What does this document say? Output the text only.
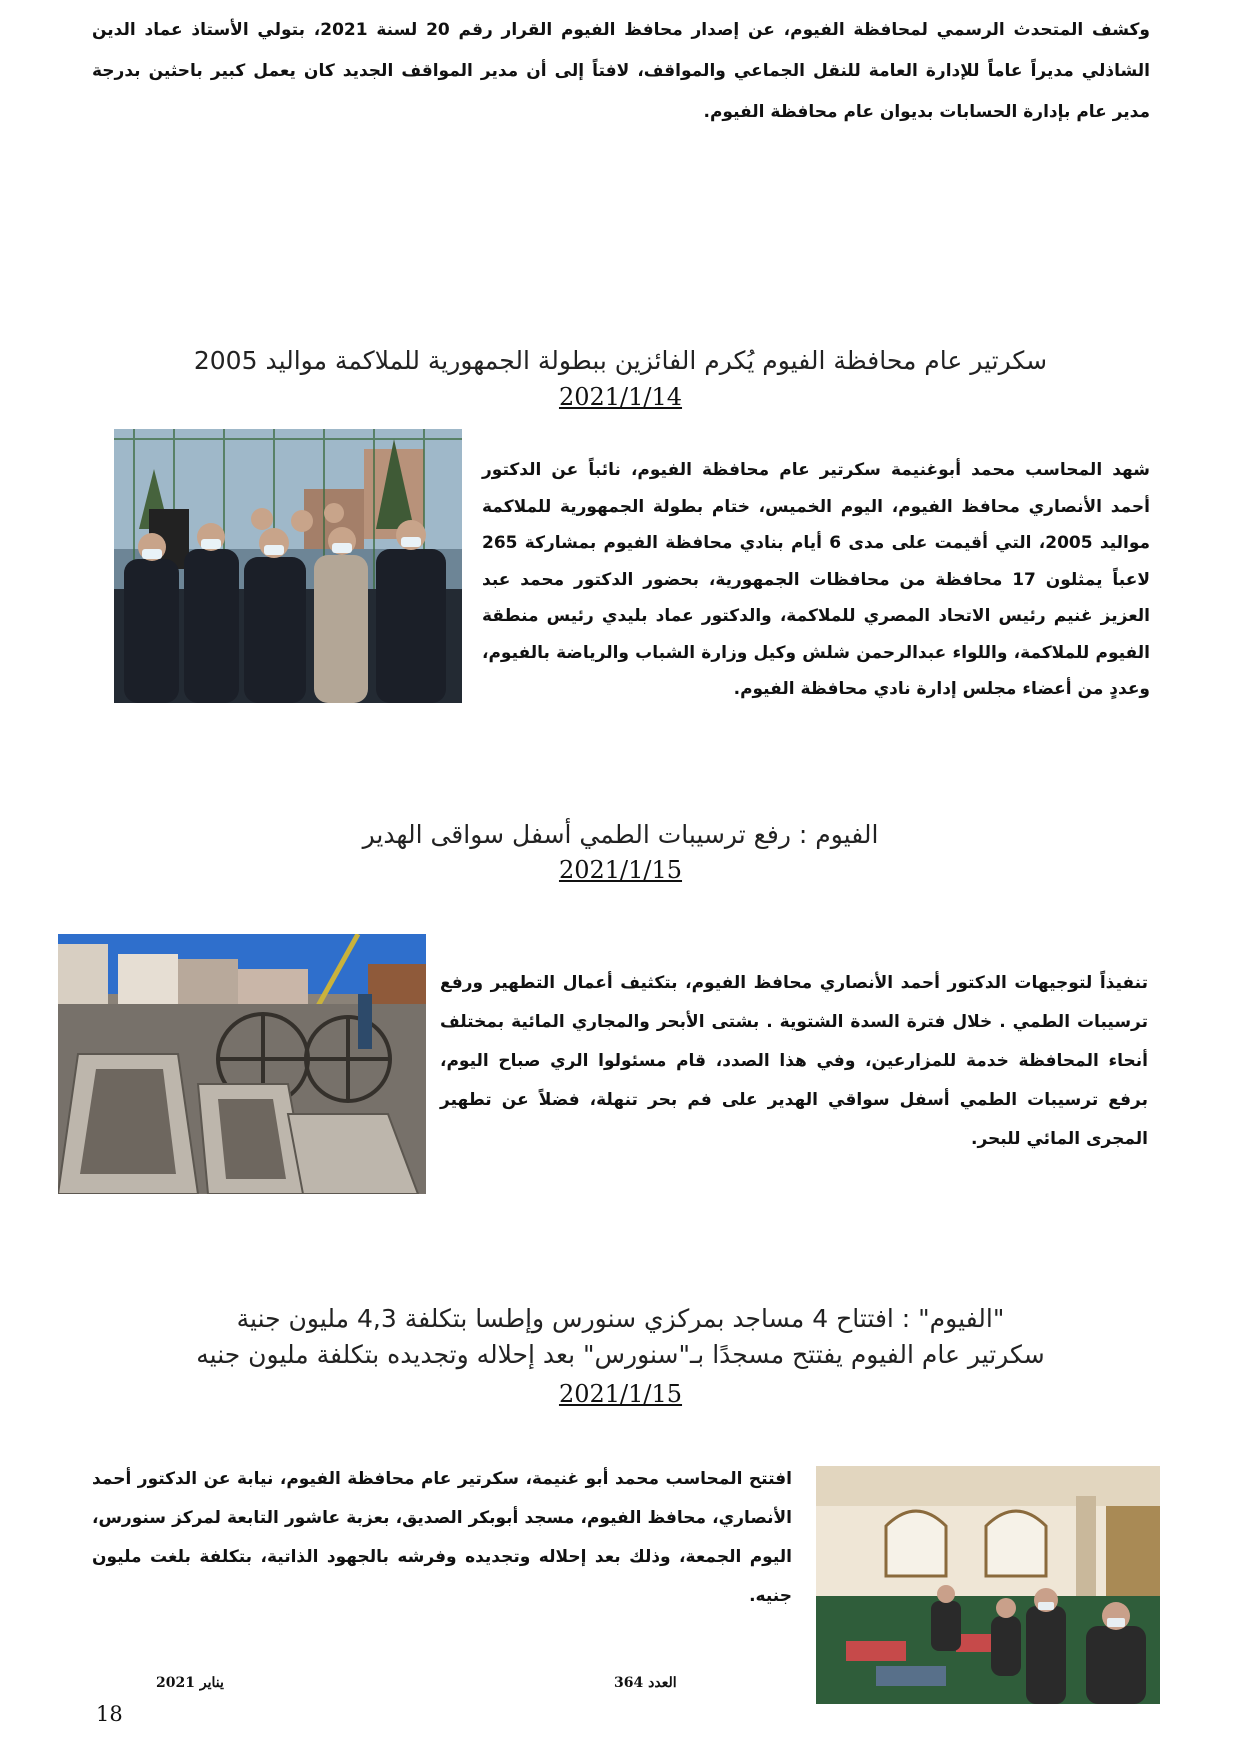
وكشف المتحدث الرسمي لمحافظة الفيوم، عن إصدار محافظ الفيوم القرار رقم 20 لسنة 2021، بتولي الأستاذ عماد الدين الشاذلي مديراً عاماً للإدارة العامة للنقل الجماعي والمواقف، لافتاً إلى أن مدير المواقف الجديد كان يعمل كبير باحثين بدرجة مدير عام بإدارة الحسابات بديوان عام محافظة الفيوم.

سكرتير عام محافظة الفيوم يُكرم الفائزين ببطولة الجمهورية للملاكمة مواليد 2005
2021/1/14

شهد المحاسب محمد أبوغنيمة سكرتير عام محافظة الفيوم، نائباً عن الدكتور أحمد الأنصاري محافظ الفيوم، اليوم الخميس، ختام بطولة الجمهورية للملاكمة مواليد 2005، التي أقيمت على مدى 6 أيام بنادي محافظة الفيوم بمشاركة 265 لاعباً يمثلون 17 محافظة من محافظات الجمهورية، بحضور الدكتور محمد عبد العزيز غنيم رئيس الاتحاد المصري للملاكمة، والدكتور عماد بليدي رئيس منطقة الفيوم للملاكمة، واللواء عبدالرحمن شلش وكيل وزارة الشباب والرياضة بالفيوم، وعددٍ من أعضاء مجلس إدارة نادي محافظة الفيوم.

الفيوم : رفع ترسيبات الطمي أسفل سواقى الهدير
2021/1/15

تنفيذاً لتوجيهات الدكتور أحمد الأنصاري محافظ الفيوم، بتكثيف أعمال التطهير ورفع ترسيبات الطمي . خلال فترة السدة الشتوية . بشتى الأبحر والمجاري المائية بمختلف أنحاء المحافظة خدمة للمزارعين، وفي هذا الصدد، قام مسئولوا الري صباح اليوم، برفع ترسيبات الطمي أسفل سواقي الهدير على فم بحر تنهلة، فضلاً عن تطهير المجرى المائي للبحر.

"الفيوم" : افتتاح 4 مساجد بمركزي سنورس وإطسا بتكلفة 4,3 مليون جنية
سكرتير عام الفيوم يفتتح مسجدًا بـ"سنورس" بعد إحلاله وتجديده بتكلفة مليون جنيه
2021/1/15

افتتح المحاسب محمد أبو غنيمة، سكرتير عام محافظة الفيوم، نيابة عن الدكتور أحمد الأنصاري، محافظ الفيوم، مسجد أبوبكر الصديق، بعزبة عاشور التابعة لمركز سنورس، اليوم الجمعة، وذلك بعد إحلاله وتجديده وفرشه بالجهود الذاتية، بتكلفة بلغت مليون جنيه.

العدد 364
يناير 2021
18
